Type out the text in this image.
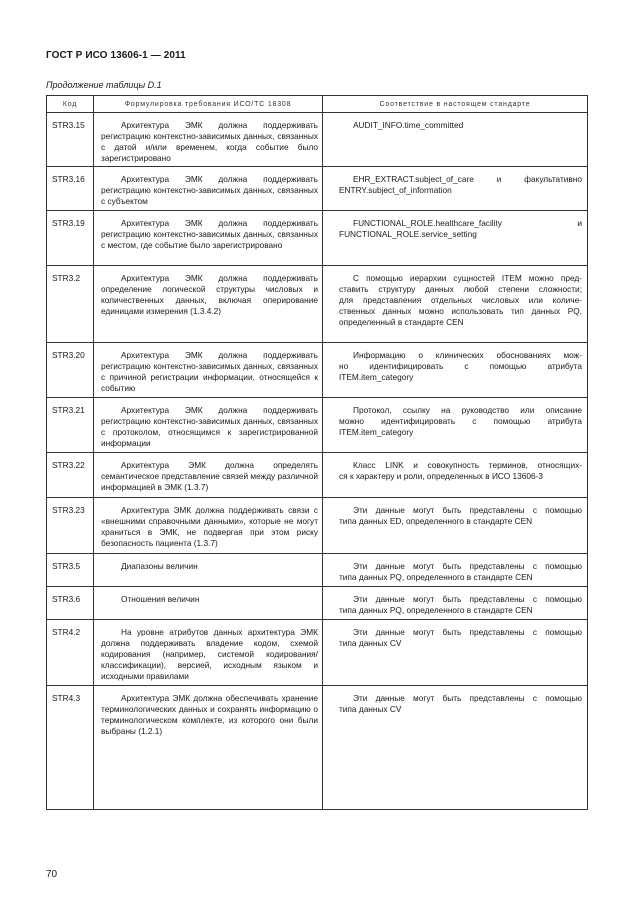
ГОСТ Р ИСО 13606-1 — 2011
Продолжение таблицы D.1
Код	Формулировка требования ИСО/ТС 18308	Соответствие в настоящем стандарте
STR3.15	Архитектура ЭМК должна поддерживать регистрацию контекстно-зависимых данных, связанных с датой и/или временем, когда событие было зарегистрировано	AUDIT_INFO.time_committed

STR3.16	Архитектура ЭМК должна поддерживать регистрацию контекстно-зависимых данных, связанных с субъектом	EHR_EXTRACT.subject_of_care и факультативно
ENTRY.subject_of_information

STR3.19	Архитектура ЭМК должна поддерживать регистрацию контекстно-зависимых данных, связанных с местом, где событие было зарегистрировано	FUNCTIONAL_ROLE.healthcare_facility и
FUNCTIONAL_ROLE.service_setting

STR3.2	Архитектура ЭМК должна поддерживать определение логической структуры числовых и количественных данных, включая оперирование единицами измерения (1.3.4.2)	С помощью иерархии сущностей ITEM можно пред-
ставить структуру данных любой степени сложности;
для представления отдельных числовых или количе-
ственных данных можно использовать тип данных PQ,
определенный в стандарте CEN

STR3.20	Архитектура ЭМК должна поддерживать регистрацию контекстно-зависимых данных, связанных с причиной регистрации информации, относящейся к событию	Информацию о клинических обоснованиях мож-
но идентифицировать с помощью атрибута
ITEM.item_category

STR3.21	Архитектура ЭМК должна поддерживать регистрацию контекстно-зависимых данных, связанных с протоколом, относящимся к зарегистрированной информации	Протокол, ссылку на руководство или описание
можно идентифицировать с помощью атрибута
ITEM.item_category

STR3.22	Архитектура ЭМК должна определять семантическое представление связей между различной информацией в ЭМК (1.3.7)	Класс LINK и совокупность терминов, относящих-
ся к характеру и роли, определенных в ИСО 13606-3

STR3.23	Архитектура ЭМК должна поддерживать связи с «внешними справочными данными», которые не могут храниться в ЭМК, не подвергая при этом риску безопасность пациента (1.3.7)	Эти данные могут быть представлены с помощью
типа данных ED, определенного в стандарте CEN

STR3.5	Диапазоны величин	Эти данные могут быть представлены с помощью
типа данных PQ, определенного в стандарте CEN

STR3.6	Отношения величин	Эти данные могут быть представлены с помощью
типа данных PQ, определенного в стандарте CEN

STR4.2	На уровне атрибутов данных архитектура ЭМК должна поддерживать владение кодом, схемой кодирования (например, системой кодирования/классификации), версией, исходным языком и исходными правилами	Эти данные могут быть представлены с помощью
типа данных CV

STR4.3	Архитектура ЭМК должна обеспечивать хранение терминологических данных и сохранять информацию о терминологическом комплекте, из которого они были выбраны (1.2.1)	Эти данные могут быть представлены с помощью
типа данных CV
70
